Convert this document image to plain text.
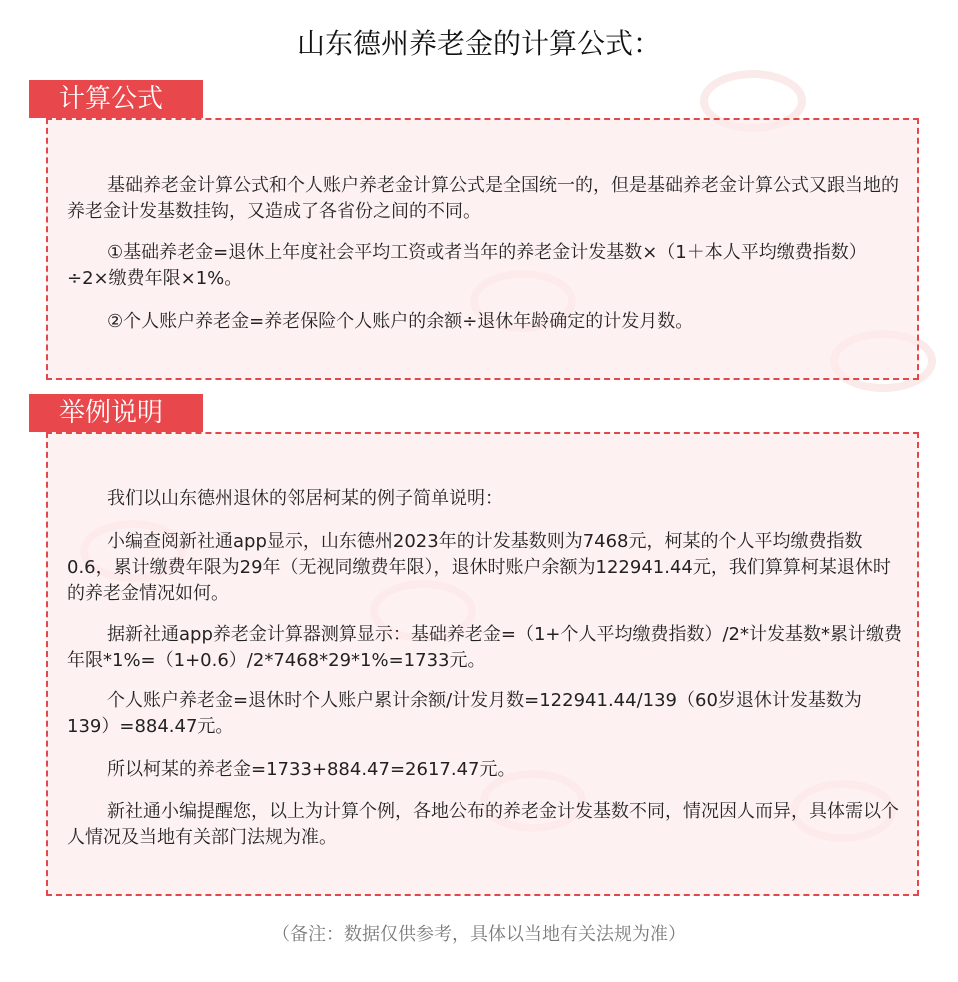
山东德州养老金的计算公式：
计算公式
基础养老金计算公式和个人账户养老金计算公式是全国统一的，但是基础养老金计算公式又跟当地的养老金计发基数挂钩，又造成了各省份之间的不同。
①基础养老金=退休上年度社会平均工资或者当年的养老金计发基数×（1＋本人平均缴费指数）÷2×缴费年限×1%。
②个人账户养老金=养老保险个人账户的余额÷退休年龄确定的计发月数。
举例说明
我们以山东德州退休的邻居柯某的例子简单说明：
小编查阅新社通app显示，山东德州2023年的计发基数则为7468元，柯某的个人平均缴费指数0.6，累计缴费年限为29年（无视同缴费年限），退休时账户余额为122941.44元，我们算算柯某退休时的养老金情况如何。
据新社通app养老金计算器测算显示：基础养老金=（1+个人平均缴费指数）/2*计发基数*累计缴费年限*1%=（1+0.6）/2*7468*29*1%=1733元。
个人账户养老金=退休时个人账户累计余额/计发月数=122941.44/139（60岁退休计发基数为139）=884.47元。
所以柯某的养老金=1733+884.47=2617.47元。
新社通小编提醒您，以上为计算个例，各地公布的养老金计发基数不同，情况因人而异，具体需以个人情况及当地有关部门法规为准。
（备注：数据仅供参考，具体以当地有关法规为准）
